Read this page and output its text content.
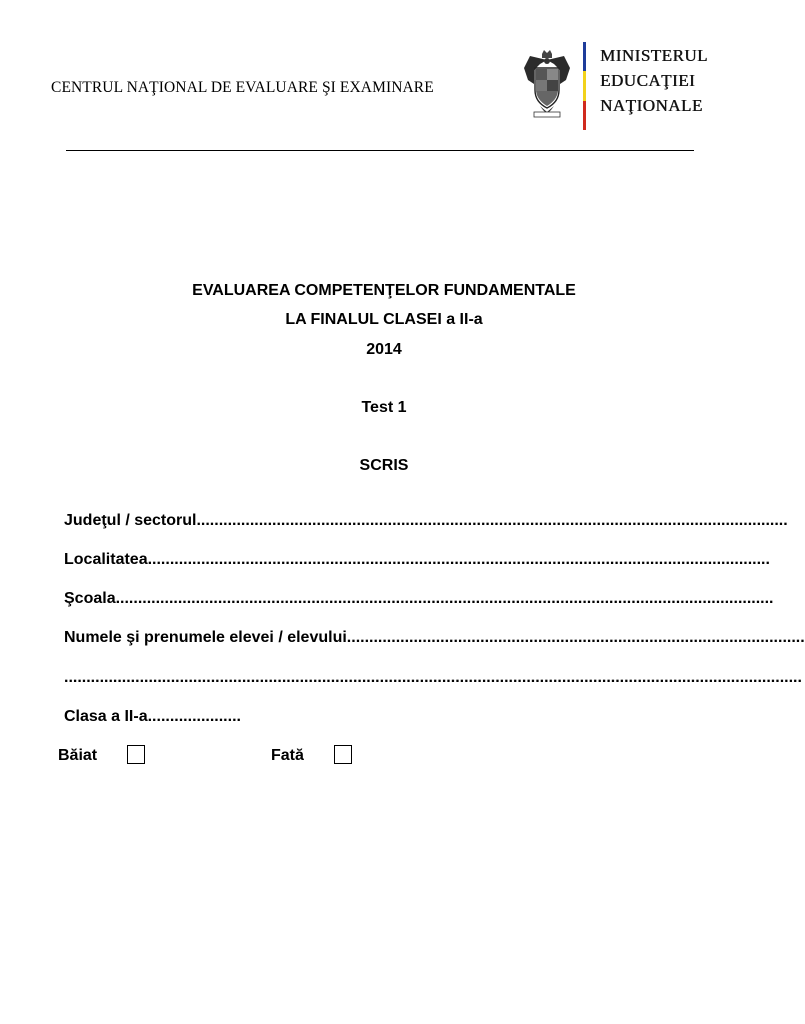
CENTRUL NAŢIONAL DE EVALUARE ŞI EXAMINARE
MINISTERUL
EDUCAŢIEI
NAŢIONALE
EVALUAREA COMPETENŢELOR FUNDAMENTALE
LA FINALUL CLASEI a II-a
2014
Test 1
SCRIS
Judeţul / sectorul.....................................................................................................................................
Localitatea............................................................................................................................................
Şcoala....................................................................................................................................................
Numele şi prenumele elevei / elevului.......................................................................................................
......................................................................................................................................................................
Clasa a II-a.....................
Băiat	Fată
